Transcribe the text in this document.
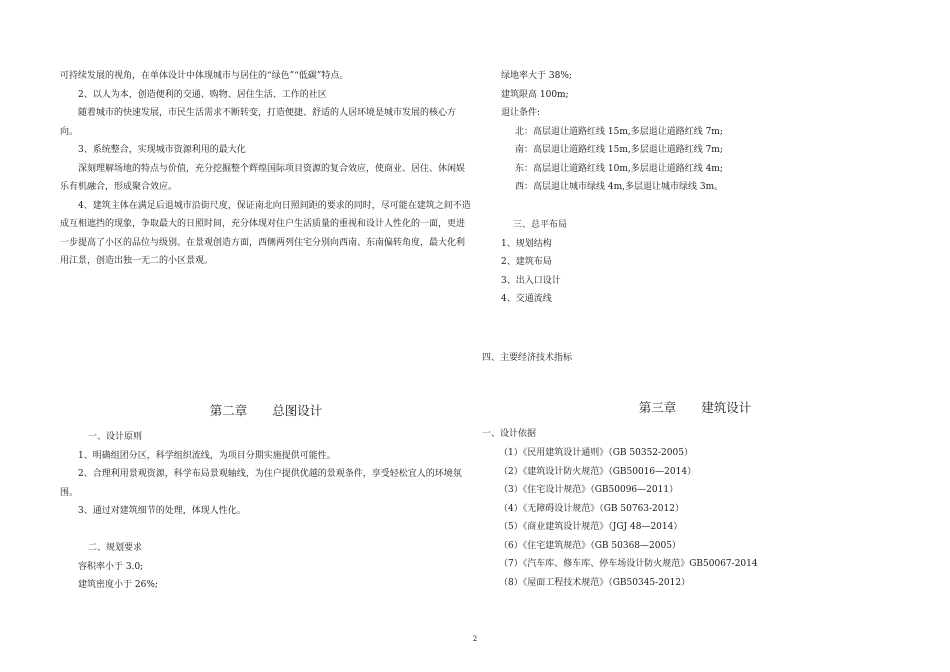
可持续发展的视角，在单体设计中体现城市与居住的“绿色”“低碳”特点。

2、以人为本，创造便利的交通、购物、居住生活、工作的社区

随着城市的快速发展，市民生活需求不断转变，打造便捷、舒适的人居环境是城市发展的核心方向。

3、系统整合，实现城市资源利用的最大化

深刻理解场地的特点与价值，充分挖掘整个辉煌国际项目资源的复合效应，使商业、居住、休闲娱乐有机融合，形成聚合效应。

4、建筑主体在满足后退城市沿街尺度，保证南北向日照间距的要求的同时，尽可能在建筑之间不造成互相遮挡的现象，争取最大的日照时间，充分体现对住户生活质量的重视和设计人性化的一面，更进一步提高了小区的品位与级别。在景观创造方面，西侧两列住宅分别向西南、东南偏转角度，最大化利用江景，创造出独一无二的小区景观。

第二章　　总图设计

一、设计原则

1、明确组团分区，科学组织流线，为项目分期实施提供可能性。

2、合理利用景观资源，科学布局景观轴线，为住户提供优越的景观条件，享受轻松宜人的环境氛围。

3、通过对建筑细节的处理，体现人性化。

二、规划要求

容积率小于 3.0;

建筑密度小于 26%;

绿地率大于 38%;

建筑限高 100m;

退让条件:

北：高层退让道路红线 15m,多层退让道路红线 7m;

南：高层退让道路红线 15m,多层退让道路红线 7m;

东：高层退让道路红线 10m,多层退让道路红线 4m;

西：高层退让城市绿线 4m,多层退让城市绿线 3m。

三、总平布局

1、规划结构

2、建筑布局

3、出入口设计

4、交通流线

四、主要经济技术指标
第三章　　建筑设计
一、设计依据

（1）《民用建筑设计通则》（GB 50352-2005）

（2）《建筑设计防火规范》（GB50016—2014）

（3）《住宅设计规范》（GB50096—2011）

（4）《无障碍设计规范》（GB 50763-2012）

（5）《商业建筑设计规范》（JGJ 48—2014）

（6）《住宅建筑规范》（GB 50368—2005）

（7）《汽车库、修车库、停车场设计防火规范》GB50067-2014

（8）《屋面工程技术规范》（GB50345-2012）

2
